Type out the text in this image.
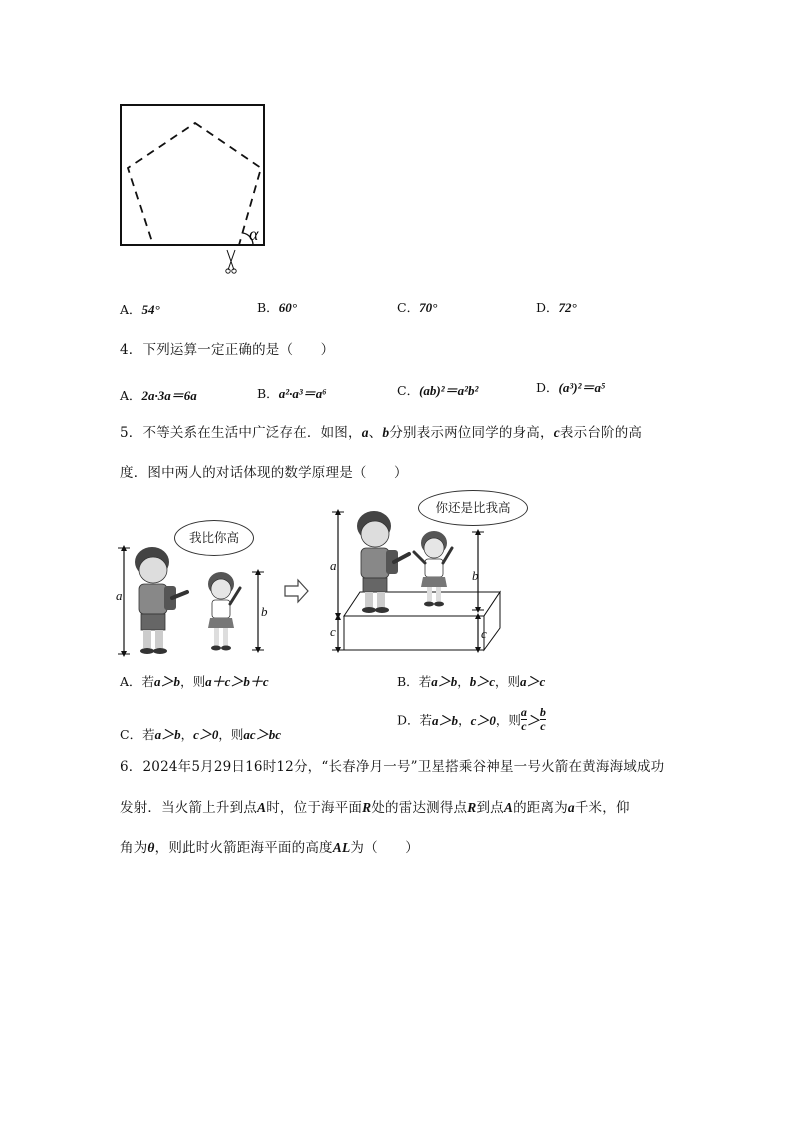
α
A．54°	B．60°	C．70°	D．72°
4．下列运算一定正确的是（　　）
A．2a·3a＝6a	B．a²·a³＝a⁶	C．(ab)²＝a²b²	D．(a³)²＝a⁵
5．不等关系在生活中广泛存在．如图，a、b分别表示两位同学的身高，c表示台阶的高
度．图中两人的对话体现的数学原理是（　　）
a
b
a
c
b
c
我比你高
你还是比我高
A．若a＞b，则a＋c＞b＋c	B．若a＞b，b＞c，则a＞c
C．若a＞b，c＞0，则ac＞bc
D．若a＞b，c＞0，则 $\frac{a}{c} > \frac{b}{c}$
6．2024年5月29日16时12分，“长春净月一号”卫星搭乘谷神星一号火箭在黄海海域成功
发射．当火箭上升到点A时，位于海平面R处的雷达测得点R到点A的距离为a千米，仰
角为θ，则此时火箭距海平面的高度AL为（　　）
